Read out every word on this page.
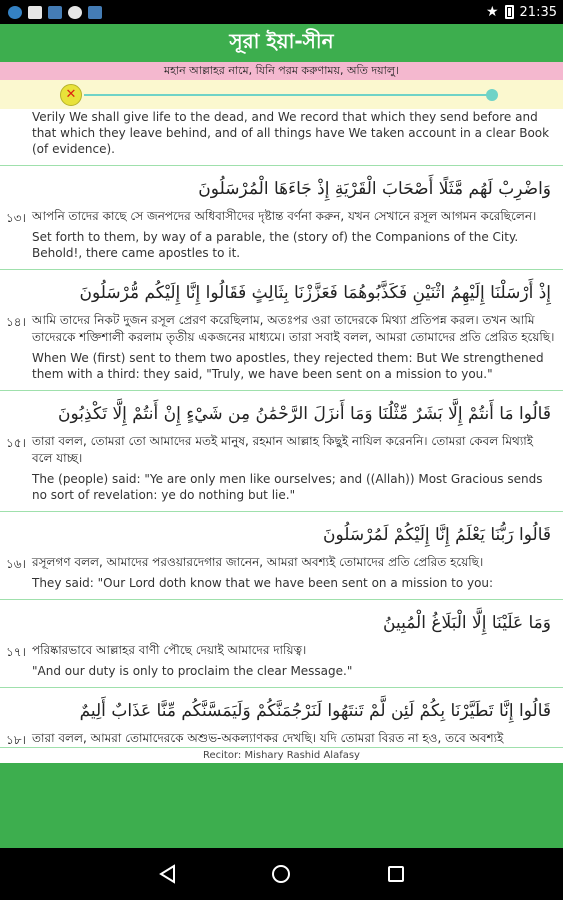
★ 21:35
সূরা ইয়া-সীন
মহান আল্লাহর নামে, যিনি পরম করুণাময়, অতি দয়ালু।
✕
Verily We shall give life to the dead, and We record that which they send before and that which they leave behind, and of all things have We taken account in a clear Book (of evidence).
وَاضْرِبْ لَهُم مَّثَلًا أَصْحَابَ الْقَرْيَةِ إِذْ جَاءَهَا الْمُرْسَلُونَ
১৩। আপনি তাদের কাছে সে জনপদের অধিবাসীদের দৃষ্টান্ত বর্ণনা করুন, যখন সেখানে রসূল আগমন করেছিলেন।
Set forth to them, by way of a parable, the (story of) the Companions of the City. Behold!, there came apostles to it.
إِذْ أَرْسَلْنَا إِلَيْهِمُ اثْنَيْنِ فَكَذَّبُوهُمَا فَعَزَّزْنَا بِثَالِثٍ فَقَالُوا إِنَّا إِلَيْكُم مُّرْسَلُونَ
১৪। আমি তাদের নিকট দুজন রসূল প্রেরণ করেছিলাম, অতঃপর ওরা তাদেরকে মিথ্যা প্রতিপন্ন করল। তখন আমি তাদেরকে শক্তিশালী করলাম তৃতীয় একজনের মাধ্যমে। তারা সবাই বলল, আমরা তোমাদের প্রতি প্রেরিত হয়েছি।
When We (first) sent to them two apostles, they rejected them: But We strengthened them with a third: they said, "Truly, we have been sent on a mission to you."
قَالُوا مَا أَنتُمْ إِلَّا بَشَرٌ مِّثْلُنَا وَمَا أَنزَلَ الرَّحْمَٰنُ مِن شَيْءٍ إِنْ أَنتُمْ إِلَّا تَكْذِبُونَ
১৫। তারা বলল, তোমরা তো আমাদের মতই মানুষ, রহমান আল্লাহ কিছুই নাযিল করেননি। তোমরা কেবল মিথ্যাই বলে যাচ্ছ।
The (people) said: "Ye are only men like ourselves; and ((Allah)) Most Gracious sends no sort of revelation: ye do nothing but lie."
قَالُوا رَبُّنَا يَعْلَمُ إِنَّا إِلَيْكُمْ لَمُرْسَلُونَ
১৬। রসূলগণ বলল, আমাদের পরওয়ারদেগার জানেন, আমরা অবশ্যই তোমাদের প্রতি প্রেরিত হয়েছি।
They said: "Our Lord doth know that we have been sent on a mission to you:
وَمَا عَلَيْنَا إِلَّا الْبَلَاغُ الْمُبِينُ
১৭। পরিষ্কারভাবে আল্লাহর বাণী পৌছে দেয়াই আমাদের দায়িত্ব।
"And our duty is only to proclaim the clear Message."
قَالُوا إِنَّا تَطَيَّرْنَا بِكُمْ لَئِن لَّمْ تَنتَهُوا لَنَرْجُمَنَّكُمْ وَلَيَمَسَّنَّكُم مِّنَّا عَذَابٌ أَلِيمٌ
১৮। তারা বলল, আমরা তোমাদেরকে অশুভ-অকল্যাণকর দেখছি। যদি তোমরা বিরত না হও, তবে অবশ্যই
Recitor: Mishary Rashid Alafasy
